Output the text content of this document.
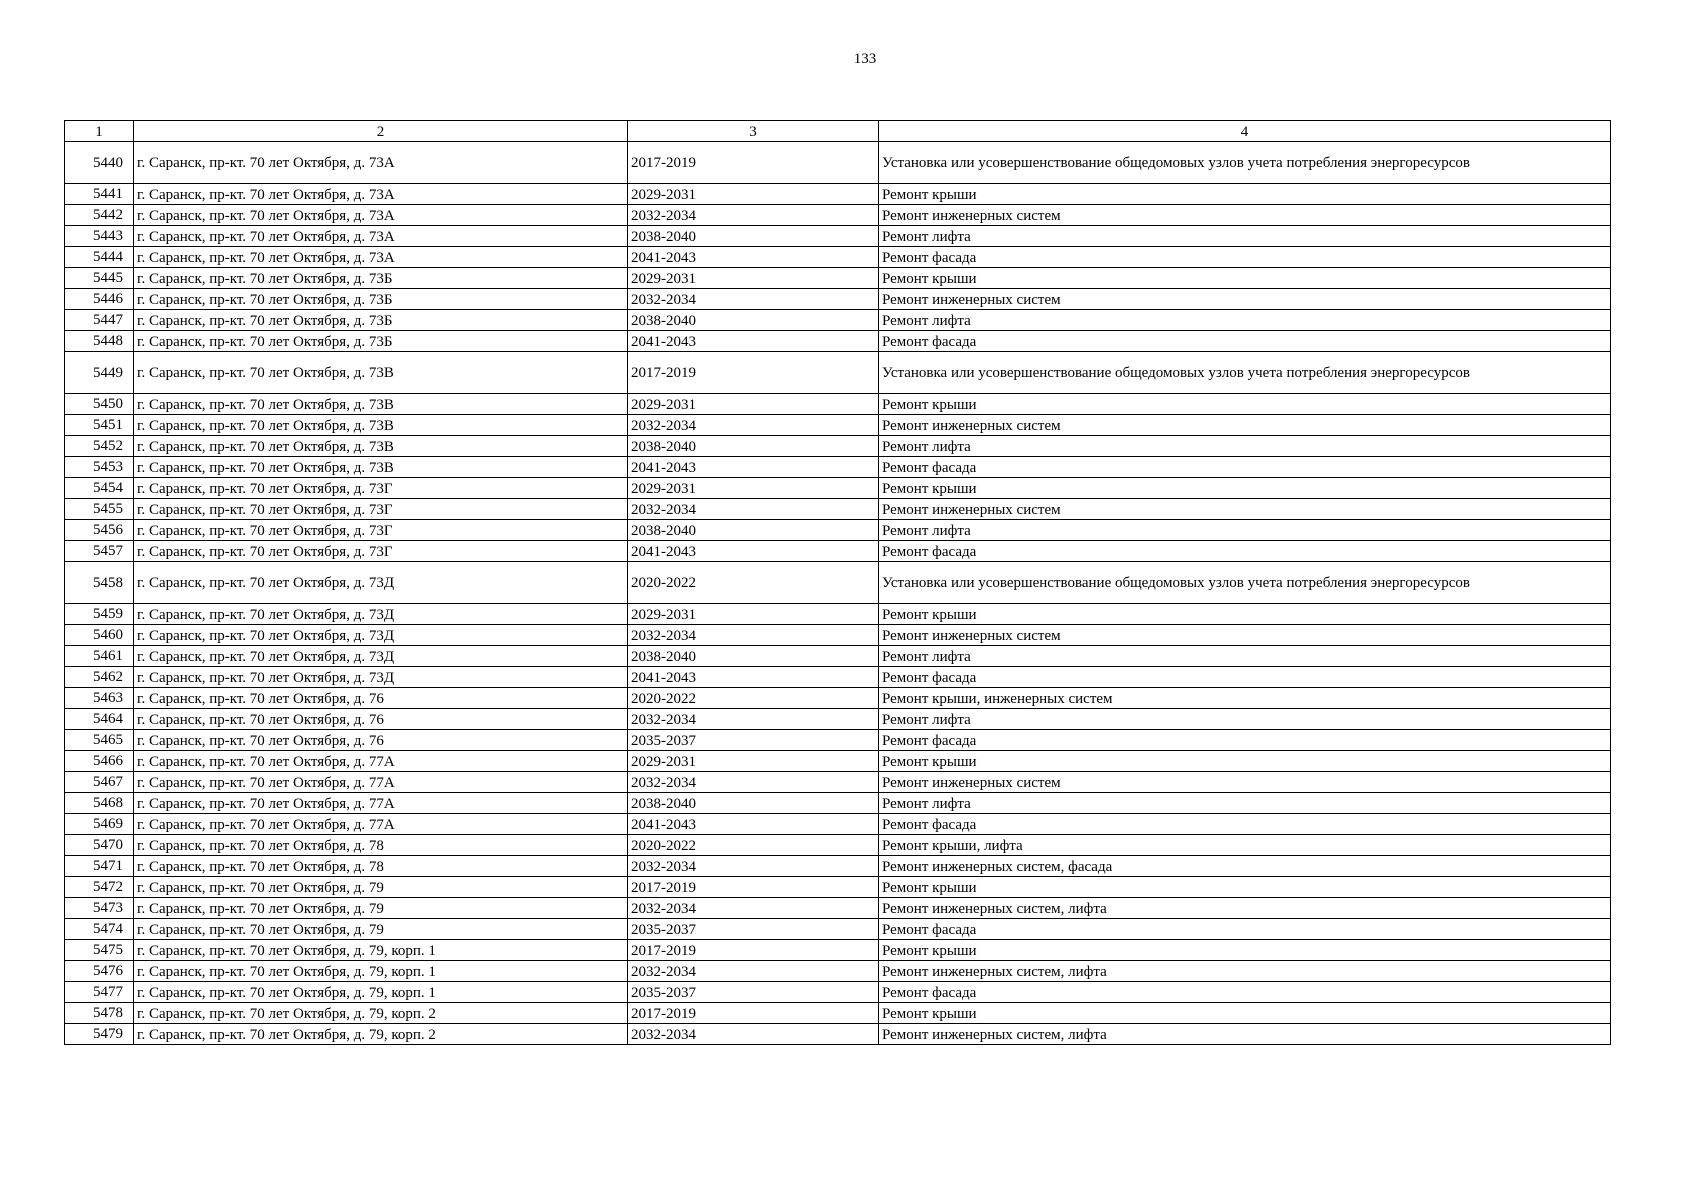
133
1	2	3	4
5440	г. Саранск, пр-кт. 70 лет Октября, д. 73А	2017-2019	Установка или усовершенствование общедомовых узлов учета потребления энергоресурсов
5441	г. Саранск, пр-кт. 70 лет Октября, д. 73А	2029-2031	Ремонт крыши
5442	г. Саранск, пр-кт. 70 лет Октября, д. 73А	2032-2034	Ремонт инженерных систем
5443	г. Саранск, пр-кт. 70 лет Октября, д. 73А	2038-2040	Ремонт лифта
5444	г. Саранск, пр-кт. 70 лет Октября, д. 73А	2041-2043	Ремонт фасада
5445	г. Саранск, пр-кт. 70 лет Октября, д. 73Б	2029-2031	Ремонт крыши
5446	г. Саранск, пр-кт. 70 лет Октября, д. 73Б	2032-2034	Ремонт инженерных систем
5447	г. Саранск, пр-кт. 70 лет Октября, д. 73Б	2038-2040	Ремонт лифта
5448	г. Саранск, пр-кт. 70 лет Октября, д. 73Б	2041-2043	Ремонт фасада
5449	г. Саранск, пр-кт. 70 лет Октября, д. 73В	2017-2019	Установка или усовершенствование общедомовых узлов учета потребления энергоресурсов
5450	г. Саранск, пр-кт. 70 лет Октября, д. 73В	2029-2031	Ремонт крыши
5451	г. Саранск, пр-кт. 70 лет Октября, д. 73В	2032-2034	Ремонт инженерных систем
5452	г. Саранск, пр-кт. 70 лет Октября, д. 73В	2038-2040	Ремонт лифта
5453	г. Саранск, пр-кт. 70 лет Октября, д. 73В	2041-2043	Ремонт фасада
5454	г. Саранск, пр-кт. 70 лет Октября, д. 73Г	2029-2031	Ремонт крыши
5455	г. Саранск, пр-кт. 70 лет Октября, д. 73Г	2032-2034	Ремонт инженерных систем
5456	г. Саранск, пр-кт. 70 лет Октября, д. 73Г	2038-2040	Ремонт лифта
5457	г. Саранск, пр-кт. 70 лет Октября, д. 73Г	2041-2043	Ремонт фасада
5458	г. Саранск, пр-кт. 70 лет Октября, д. 73Д	2020-2022	Установка или усовершенствование общедомовых узлов учета потребления энергоресурсов
5459	г. Саранск, пр-кт. 70 лет Октября, д. 73Д	2029-2031	Ремонт крыши
5460	г. Саранск, пр-кт. 70 лет Октября, д. 73Д	2032-2034	Ремонт инженерных систем
5461	г. Саранск, пр-кт. 70 лет Октября, д. 73Д	2038-2040	Ремонт лифта
5462	г. Саранск, пр-кт. 70 лет Октября, д. 73Д	2041-2043	Ремонт фасада
5463	г. Саранск, пр-кт. 70 лет Октября, д. 76	2020-2022	Ремонт крыши, инженерных систем
5464	г. Саранск, пр-кт. 70 лет Октября, д. 76	2032-2034	Ремонт лифта
5465	г. Саранск, пр-кт. 70 лет Октября, д. 76	2035-2037	Ремонт фасада
5466	г. Саранск, пр-кт. 70 лет Октября, д. 77А	2029-2031	Ремонт крыши
5467	г. Саранск, пр-кт. 70 лет Октября, д. 77А	2032-2034	Ремонт инженерных систем
5468	г. Саранск, пр-кт. 70 лет Октября, д. 77А	2038-2040	Ремонт лифта
5469	г. Саранск, пр-кт. 70 лет Октября, д. 77А	2041-2043	Ремонт фасада
5470	г. Саранск, пр-кт. 70 лет Октября, д. 78	2020-2022	Ремонт крыши, лифта
5471	г. Саранск, пр-кт. 70 лет Октября, д. 78	2032-2034	Ремонт инженерных систем, фасада
5472	г. Саранск, пр-кт. 70 лет Октября, д. 79	2017-2019	Ремонт крыши
5473	г. Саранск, пр-кт. 70 лет Октября, д. 79	2032-2034	Ремонт инженерных систем, лифта
5474	г. Саранск, пр-кт. 70 лет Октября, д. 79	2035-2037	Ремонт фасада
5475	г. Саранск, пр-кт. 70 лет Октября, д. 79, корп. 1	2017-2019	Ремонт крыши
5476	г. Саранск, пр-кт. 70 лет Октября, д. 79, корп. 1	2032-2034	Ремонт инженерных систем, лифта
5477	г. Саранск, пр-кт. 70 лет Октября, д. 79, корп. 1	2035-2037	Ремонт фасада
5478	г. Саранск, пр-кт. 70 лет Октября, д. 79, корп. 2	2017-2019	Ремонт крыши
5479	г. Саранск, пр-кт. 70 лет Октября, д. 79, корп. 2	2032-2034	Ремонт инженерных систем, лифта
